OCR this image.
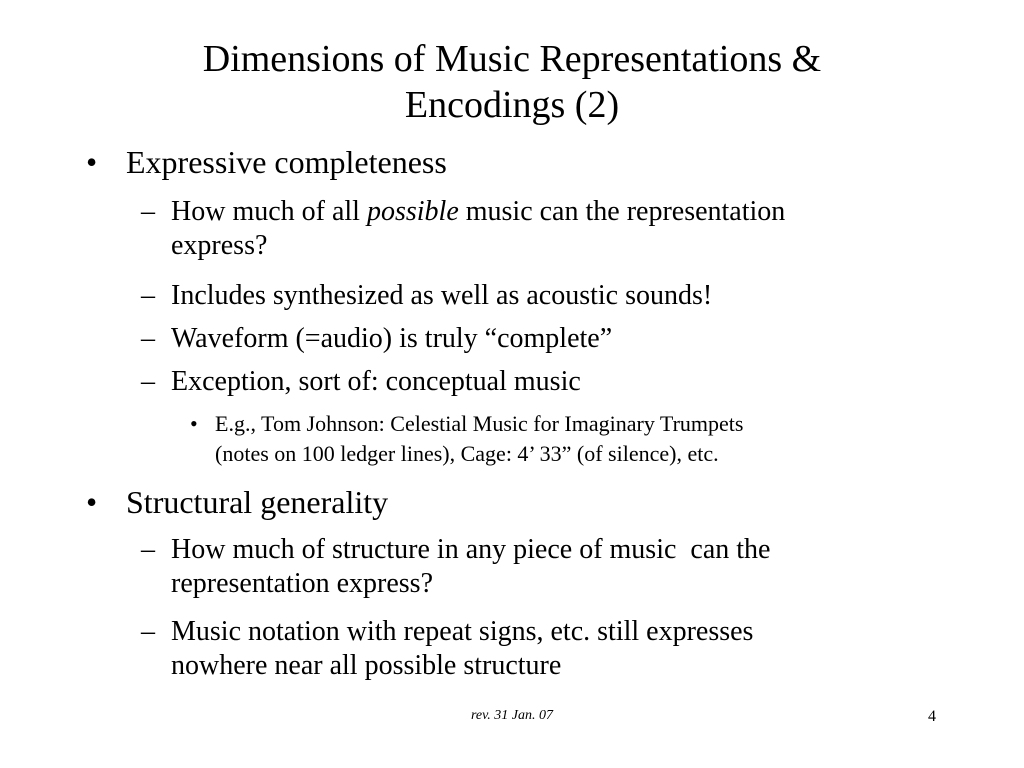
Dimensions of Music Representations &
Encodings (2)
• Expressive completeness
– How much of all possible music can the representation
express?
– Includes synthesized as well as acoustic sounds!
– Waveform (=audio) is truly “complete”
– Exception, sort of: conceptual music
• E.g., Tom Johnson: Celestial Music for Imaginary Trumpets
(notes on 100 ledger lines), Cage: 4’ 33” (of silence), etc.
• Structural generality
– How much of structure in any piece of music  can the
representation express?
– Music notation with repeat signs, etc. still expresses
nowhere near all possible structure
rev. 31 Jan. 07	4
